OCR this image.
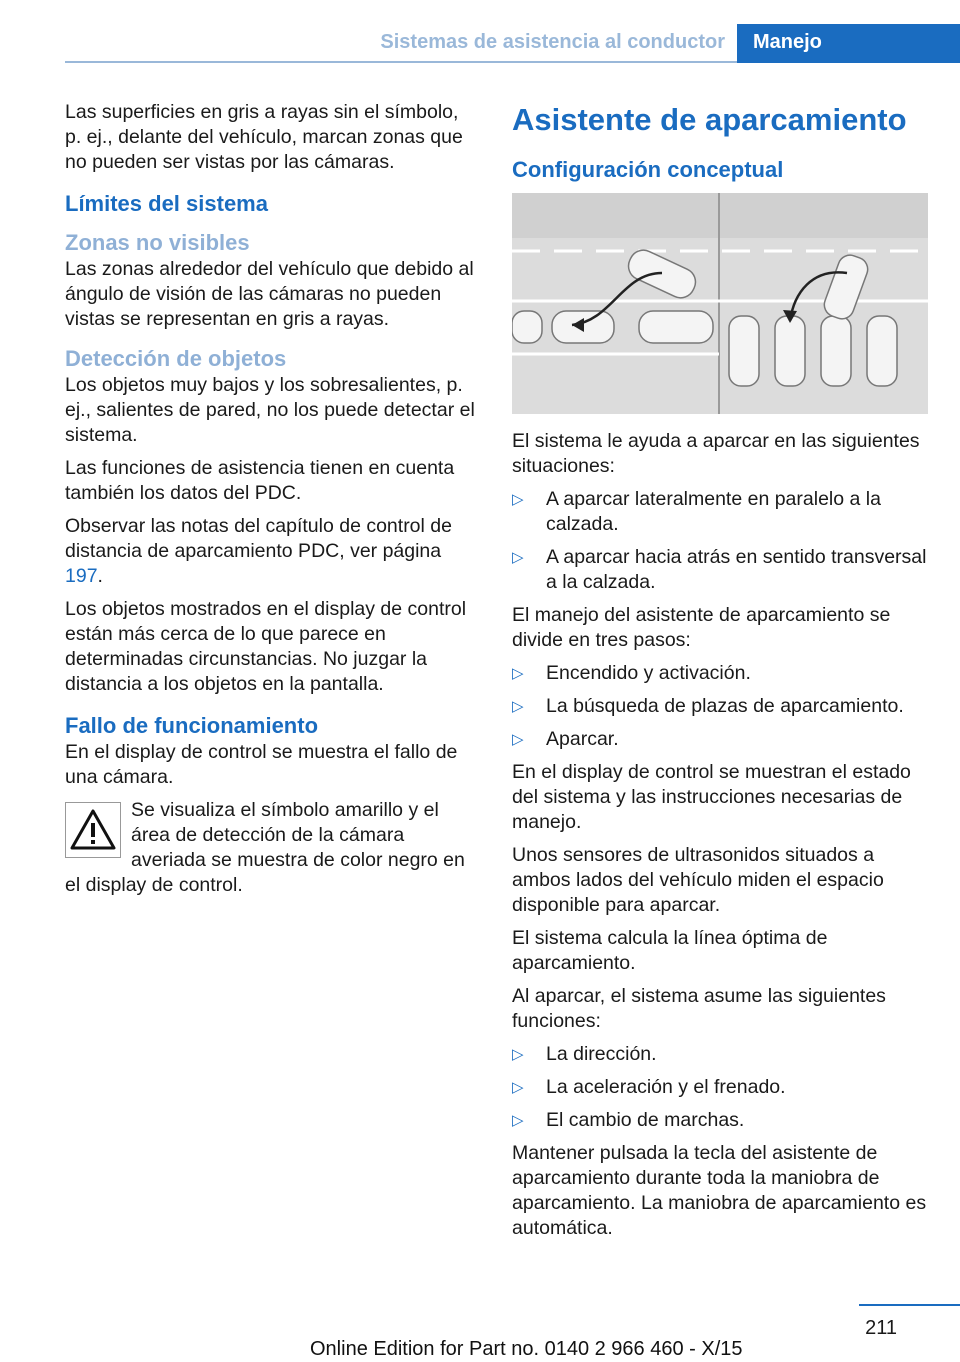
Sistemas de asistencia al conductor	Manejo

Las superficies en gris a rayas sin el símbolo, p. ej., delante del vehículo, marcan zonas que no pueden ser vistas por las cámaras.

Límites del sistema
Zonas no visibles

Las zonas alrededor del vehículo que debido al ángulo de visión de las cámaras no pueden vistas se representan en gris a rayas.

Detección de objetos

Los objetos muy bajos y los sobresalientes, p. ej., salientes de pared, no los puede detectar el sistema.

Las funciones de asistencia tienen en cuenta también los datos del PDC.

Observar las notas del capítulo de control de distancia de aparcamiento PDC, ver página 197.

Los objetos mostrados en el display de control están más cerca de lo que parece en determinadas circunstancias. No juzgar la distancia a los objetos en la pantalla.

Fallo de funcionamiento

En el display de control se muestra el fallo de una cámara.

Se visualiza el símbolo amarillo y el área de detección de la cámara averiada se muestra de color negro en el display de control.
Asistente de aparcamiento
Configuración conceptual

El sistema le ayuda a aparcar en las siguientes situaciones:

▷ A aparcar lateralmente en paralelo a la calzada.
▷ A aparcar hacia atrás en sentido transversal a la calzada.

El manejo del asistente de aparcamiento se divide en tres pasos:

▷ Encendido y activación.
▷ La búsqueda de plazas de aparcamiento.
▷ Aparcar.

En el display de control se muestran el estado del sistema y las instrucciones necesarias de manejo.

Unos sensores de ultrasonidos situados a ambos lados del vehículo miden el espacio disponible para aparcar.

El sistema calcula la línea óptima de aparcamiento.

Al aparcar, el sistema asume las siguientes funciones:

▷ La dirección.
▷ La aceleración y el frenado.
▷ El cambio de marchas.

Mantener pulsada la tecla del asistente de aparcamiento durante toda la maniobra de aparcamiento. La maniobra de aparcamiento es automática.

211
Online Edition for Part no. 0140 2 966 460 - X/15
